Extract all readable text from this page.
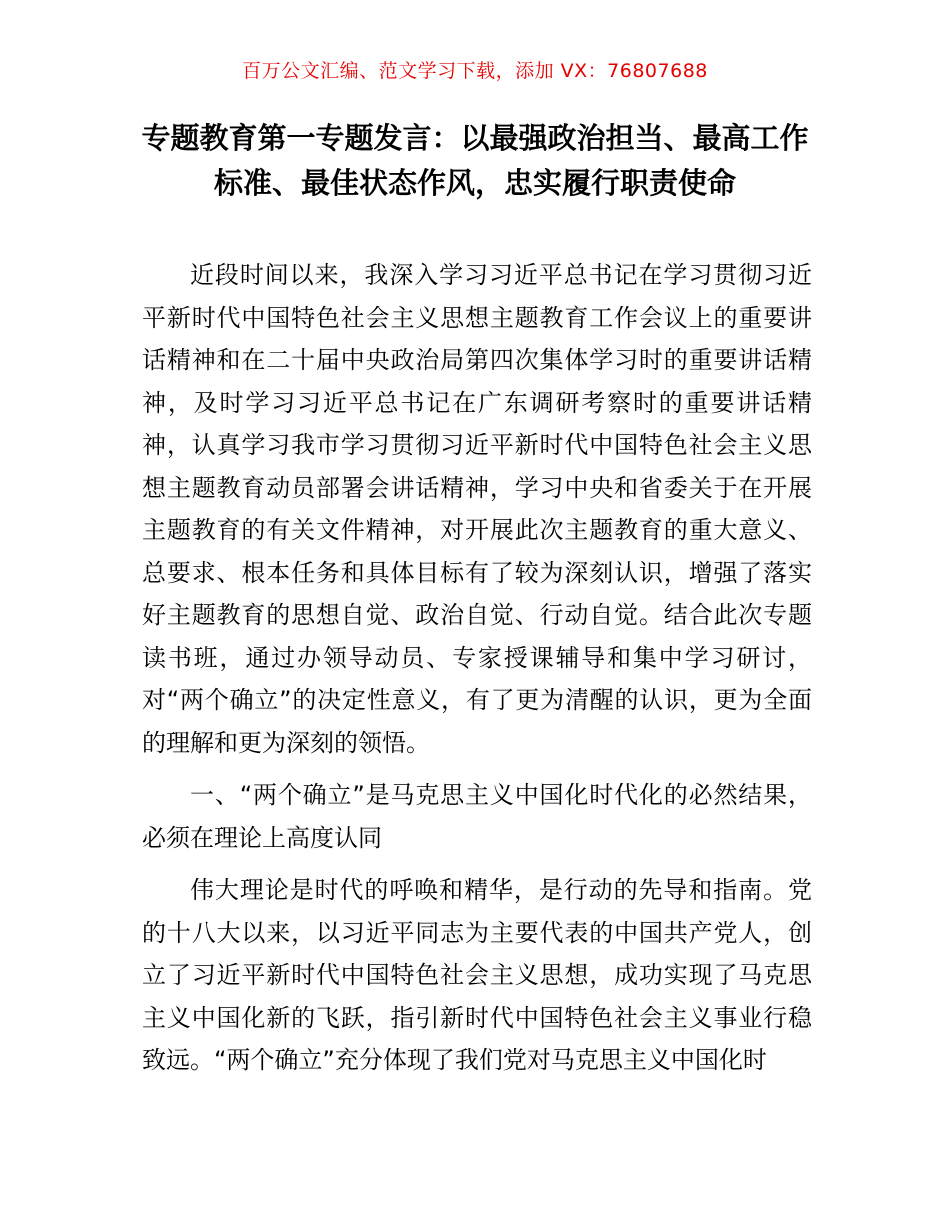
百万公文汇编、范文学习下载，添加 VX：76807688
专题教育第一专题发言：以最强政治担当、最高工作标准、最佳状态作风，忠实履行职责使命

近段时间以来，我深入学习习近平总书记在学习贯彻习近平新时代中国特色社会主义思想主题教育工作会议上的重要讲话精神和在二十届中央政治局第四次集体学习时的重要讲话精神，及时学习习近平总书记在广东调研考察时的重要讲话精神，认真学习我市学习贯彻习近平新时代中国特色社会主义思想主题教育动员部署会讲话精神，学习中央和省委关于在开展主题教育的有关文件精神，对开展此次主题教育的重大意义、总要求、根本任务和具体目标有了较为深刻认识，增强了落实好主题教育的思想自觉、政治自觉、行动自觉。结合此次专题读书班，通过办领导动员、专家授课辅导和集中学习研讨，对“两个确立”的决定性意义，有了更为清醒的认识，更为全面的理解和更为深刻的领悟。

一、“两个确立”是马克思主义中国化时代化的必然结果，必须在理论上高度认同

伟大理论是时代的呼唤和精华，是行动的先导和指南。党的十八大以来，以习近平同志为主要代表的中国共产党人，创立了习近平新时代中国特色社会主义思想，成功实现了马克思主义中国化新的飞跃，指引新时代中国特色社会主义事业行稳致远。“两个确立”充分体现了我们党对马克思主义中国化时
